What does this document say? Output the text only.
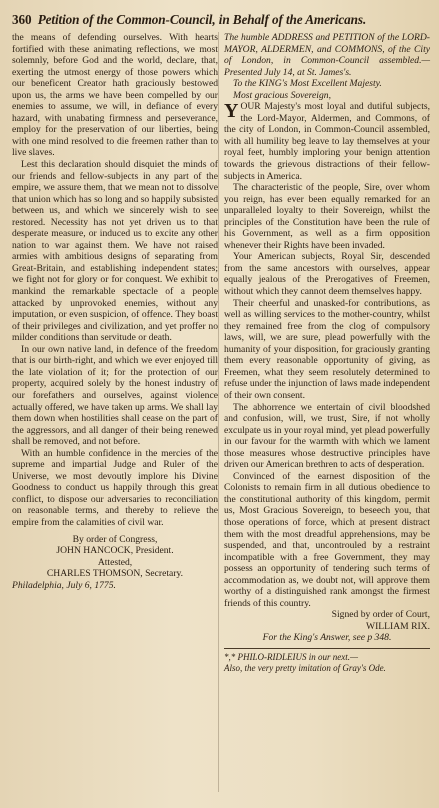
360 Petition of the Common-Council, in Behalf of the Americans.

the means of defending ourselves. With hearts fortified with these animating reflections, we most solemnly, before God and the world, declare, that, exerting the utmost energy of those powers which our beneficent Creator hath graciously bestowed upon us, the arms we have been compelled by our enemies to assume, we will, in defiance of every hazard, with unabating firmness and perseverance, employ for the preservation of our liberties, being with one mind resolved to die freemen rather than to live slaves.

Lest this declaration should disquiet the minds of our friends and fellow-subjects in any part of the empire, we assure them, that we mean not to dissolve that union which has so long and so happily subsisted between us, and which we sincerely wish to see restored. Necessity has not yet driven us to that desperate measure, or induced us to excite any other nation to war against them. We have not raised armies with ambitious designs of separating from Great-Britain, and establishing independent states; we fight not for glory or for conquest. We exhibit to mankind the remarkable spectacle of a people attacked by unprovoked enemies, without any imputation, or even suspicion, of offence. They boast of their privileges and civilization, and yet proffer no milder conditions than servitude or death.

In our own native land, in defence of the freedom that is our birth-right, and which we ever enjoyed till the late violation of it; for the protection of our property, acquired solely by the honest industry of our forefathers and ourselves, against violence actually offered, we have taken up arms. We shall lay them down when hostilities shall cease on the part of the aggressors, and all danger of their being renewed shall be removed, and not before.

With an humble confidence in the mercies of the supreme and impartial Judge and Ruler of the Universe, we most devoutly implore his Divine Goodness to conduct us happily through this great conflict, to dispose our adversaries to reconciliation on reasonable terms, and thereby to relieve the empire from the calamities of civil war.

By order of Congress,

JOHN HANCOCK, President.

Attested,

CHARLES THOMSON, Secretary.

Philadelphia, July 6, 1775.

The humble ADDRESS and PETITION of the LORD-MAYOR, ALDERMEN, and COMMONS, of the City of London, in Common-Council assembled.—Presented July 14, at St. James's.

To the KING's Most Excellent Majesty.

Most gracious Sovereign,

YOUR Majesty's most loyal and dutiful subjects, the Lord-Mayor, Aldermen, and Commons, of the city of London, in Common-Council assembled, with all humility beg leave to lay themselves at your royal feet, humbly imploring your benign attention towards the grievous distractions of their fellow-subjects in America.

The characteristic of the people, Sire, over whom you reign, has ever been equally remarked for an unparalleled loyalty to their Sovereign, whilst the principles of the Constitution have been the rule of his Government, as well as a firm opposition whenever their Rights have been invaded.

Your American subjects, Royal Sir, descended from the same ancestors with ourselves, appear equally jealous of the Prerogatives of Freemen, without which they cannot deem themselves happy.

Their cheerful and unasked-for contributions, as well as willing services to the mother-country, whilst they remained free from the clog of compulsory laws, will, we are sure, plead powerfully with the humanity of your disposition, for graciously granting them every reasonable opportunity of giving, as Freemen, what they seem resolutely determined to refuse under the injunction of laws made independent of their own consent.

The abhorrence we entertain of civil bloodshed and confusion, will, we trust, Sire, if not wholly exculpate us in your royal mind, yet plead powerfully in our favour for the warmth with which we lament those measures whose destructive principles have driven our American brethren to acts of desperation.

Convinced of the earnest disposition of the Colonists to remain firm in all dutious obedience to the constitutional authority of this kingdom, permit us, Most Gracious Sovereign, to beseech you, that those operations of force, which at present distract them with the most dreadful apprehensions, may be suspended, and that, uncontrouled by a restraint incompatible with a free Government, they may possess an opportunity of tendering such terms of accommodation as, we doubt not, will approve them worthy of a distinguished rank amongst the firmest friends of this country.

Signed by order of Court,

WILLIAM RIX.

For the King's Answer, see p 348.

*,* PHILO-RIDLEIUS in our next.—

Also, the very pretty imitation of Gray's Ode.
